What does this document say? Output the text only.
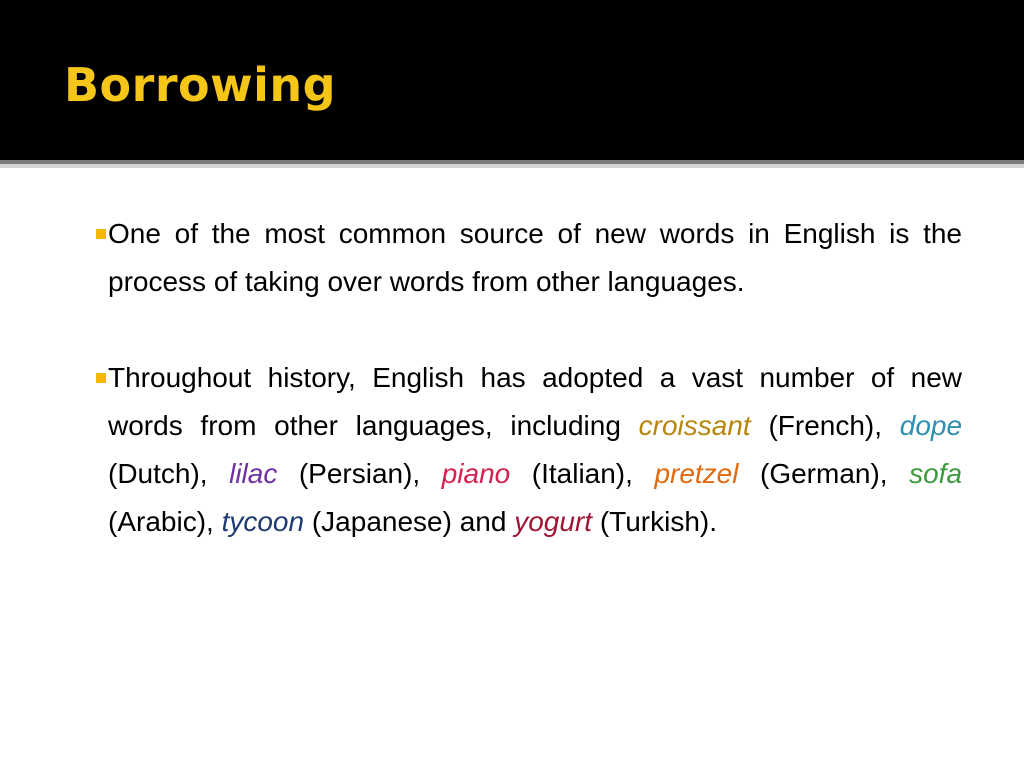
Borrowing
One of the most common source of new words in English is the process of taking over words from other languages.
Throughout history, English has adopted a vast number of new words from other languages, including croissant (French), dope (Dutch), lilac (Persian), piano (Italian), pretzel (German), sofa (Arabic), tycoon (Japanese) and yogurt (Turkish).
